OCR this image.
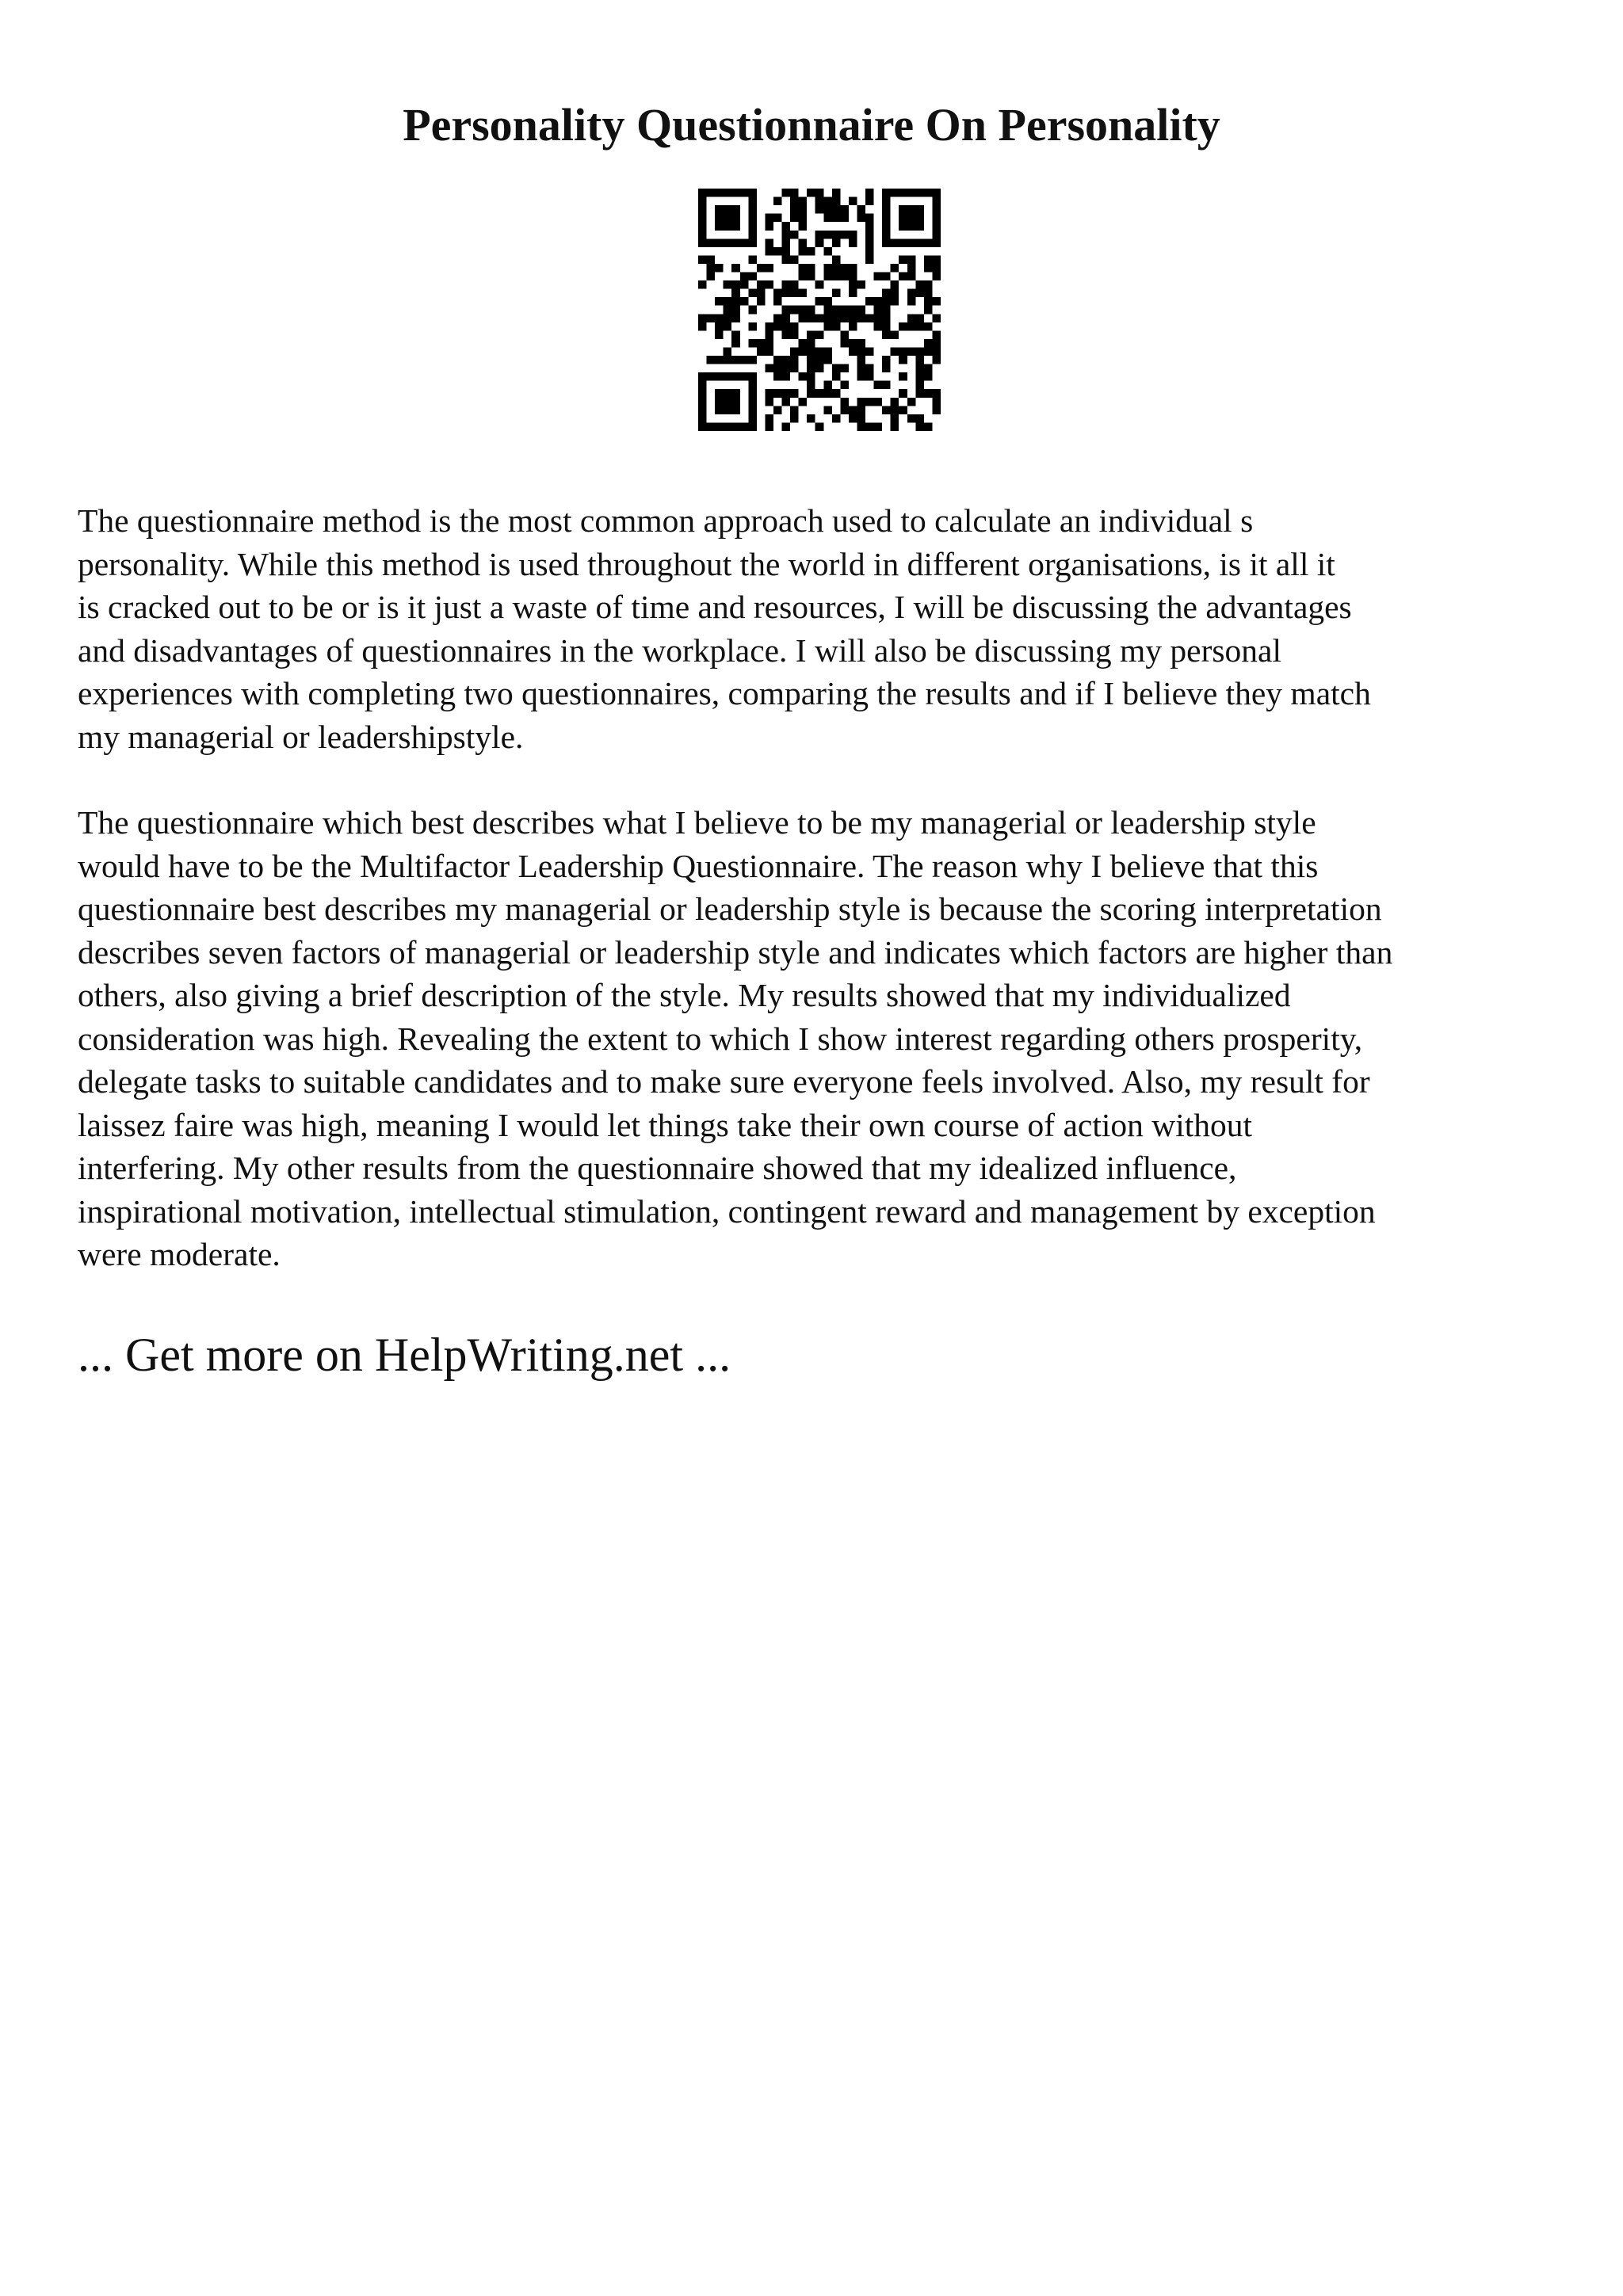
Personality Questionnaire On Personality

The questionnaire method is the most common approach used to calculate an individual s
personality. While this method is used throughout the world in different organisations, is it all it
is cracked out to be or is it just a waste of time and resources, I will be discussing the advantages
and disadvantages of questionnaires in the workplace. I will also be discussing my personal
experiences with completing two questionnaires, comparing the results and if I believe they match
my managerial or leadershipstyle.

The questionnaire which best describes what I believe to be my managerial or leadership style
would have to be the Multifactor Leadership Questionnaire. The reason why I believe that this
questionnaire best describes my managerial or leadership style is because the scoring interpretation
describes seven factors of managerial or leadership style and indicates which factors are higher than
others, also giving a brief description of the style. My results showed that my individualized
consideration was high. Revealing the extent to which I show interest regarding others prosperity,
delegate tasks to suitable candidates and to make sure everyone feels involved. Also, my result for
laissez faire was high, meaning I would let things take their own course of action without
interfering. My other results from the questionnaire showed that my idealized influence,
inspirational motivation, intellectual stimulation, contingent reward and management by exception
were moderate.

... Get more on HelpWriting.net ...
